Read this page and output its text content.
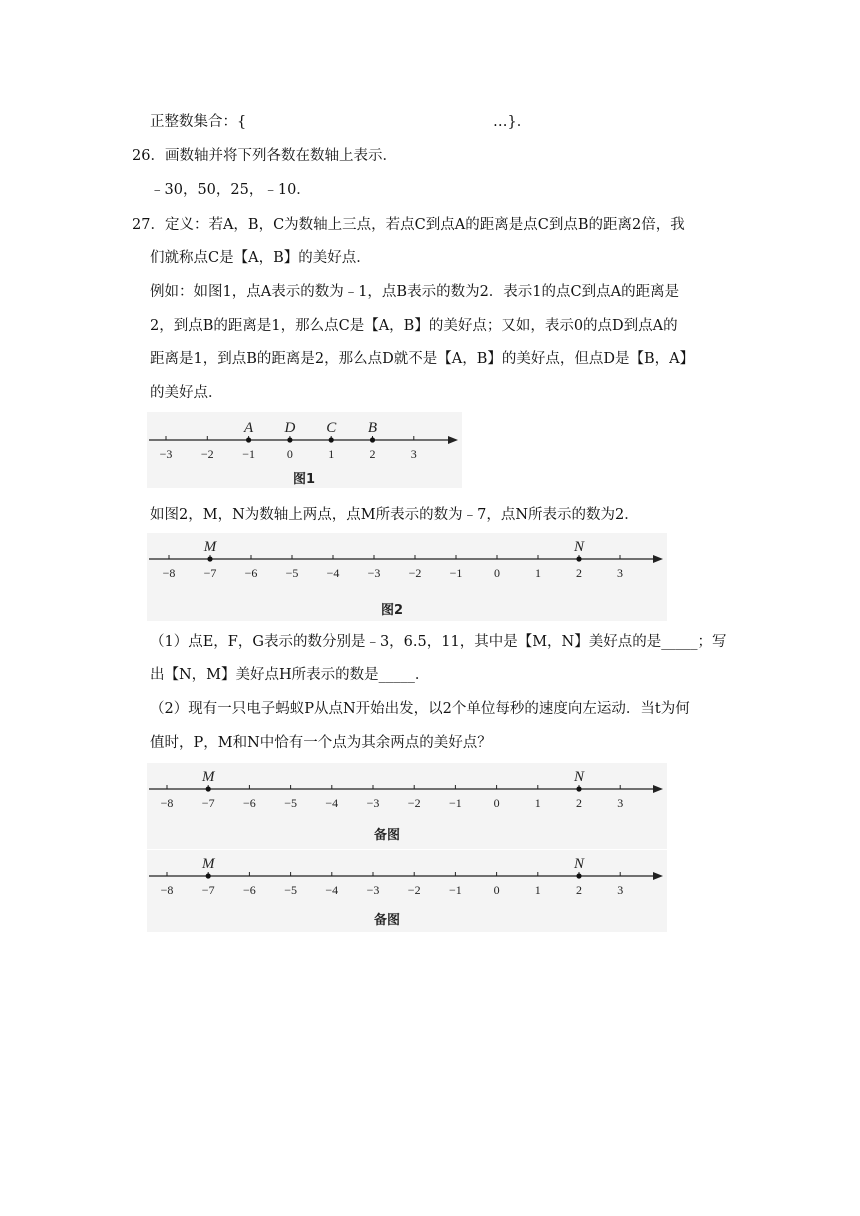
正整数集合：{	…}．
26．画数轴并将下列各数在数轴上表示．
﹣30，50，25，﹣10．
27．定义：若A，B，C为数轴上三点，若点C到点A的距离是点C到点B的距离2倍，我
们就称点C是【A，B】的美好点．
例如：如图1，点A表示的数为﹣1，点B表示的数为2．表示1的点C到点A的距离是
2，到点B的距离是1，那么点C是【A，B】的美好点；又如，表示0的点D到点A的
距离是1，到点B的距离是2，那么点D就不是【A，B】的美好点，但点D是【B，A】
的美好点．
−3 −2 −1	0	1	2	3
A D C B
图1
如图2，M，N为数轴上两点，点M所表示的数为﹣7，点N所表示的数为2．
−8 −7 −6 −5 −4 −3 −2 −1	0	1	2	3
M	N
图2
（1）点E，F，G表示的数分别是﹣3，6.5，11，其中是【M，N】美好点的是_____；写
出【N，M】美好点H所表示的数是_____．
（2）现有一只电子蚂蚁P从点N开始出发，以2个单位每秒的速度向左运动．当t为何
值时，P，M和N中恰有一个点为其余两点的美好点？
−8 −7 −6 −5 −4 −3 −2 −1	0	1	2	3
M	N
备图
−8 −7 −6 −5 −4 −3 −2 −1	0	1	2	3
M	N
备图
